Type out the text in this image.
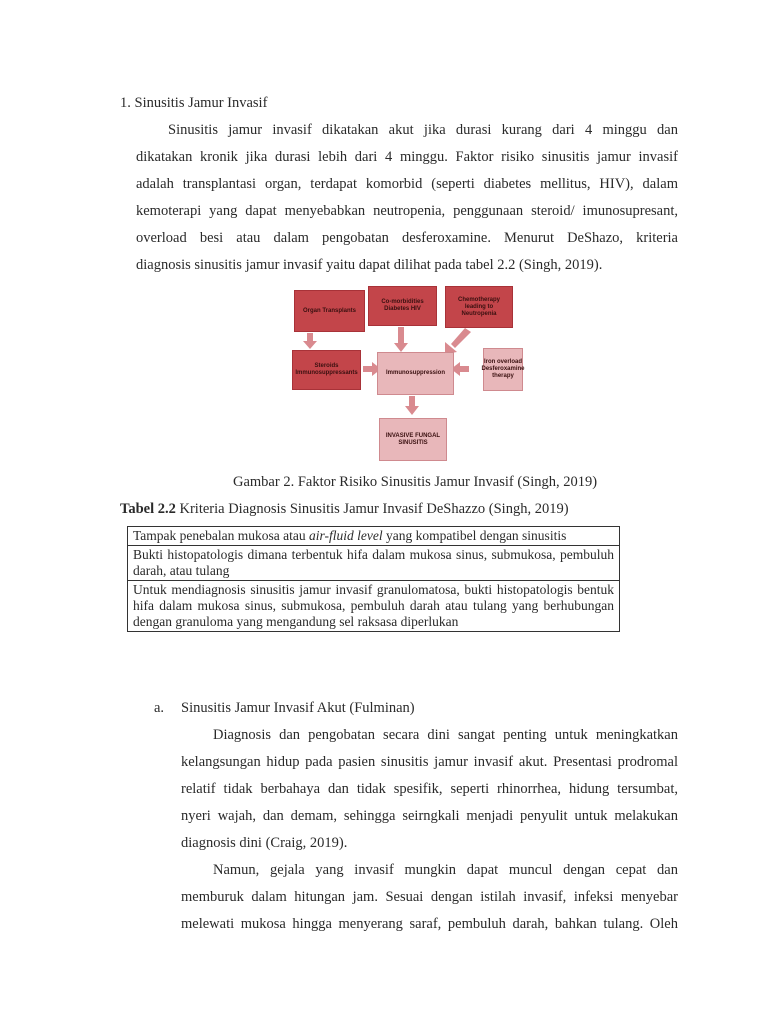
1. Sinusitis Jamur Invasif
Sinusitis jamur invasif dikatakan akut jika durasi kurang dari 4 minggu dan
dikatakan kronik jika durasi lebih dari 4 minggu. Faktor risiko sinusitis jamur invasif
adalah transplantasi organ, terdapat komorbid (seperti diabetes mellitus, HIV), dalam
kemoterapi yang dapat menyebabkan neutropenia, penggunaan steroid/ imunosupresant,
overload besi atau dalam pengobatan desferoxamine. Menurut DeShazo, kriteria
diagnosis sinusitis jamur invasif yaitu dapat dilihat pada tabel 2.2 (Singh, 2019).
Organ Transplants
Co-morbidities Diabetes HIV
Chemotherapy leading to Neutropenia
Steroids Immunosuppressants	Immunosuppression
Iron overload Desferoxamine therapy
INVASIVE FUNGAL SINUSITIS
Gambar 2. Faktor Risiko Sinusitis Jamur Invasif (Singh, 2019)
Tabel 2.2 Kriteria Diagnosis Sinusitis Jamur Invasif DeShazzo (Singh, 2019)
Tampak penebalan mukosa atau air-fluid level yang kompatibel dengan sinusitis
Bukti histopatologis dimana terbentuk hifa dalam mukosa sinus, submukosa, pembuluh darah, atau tulang
Untuk mendiagnosis sinusitis jamur invasif granulomatosa, bukti histopatologis bentuk hifa dalam mukosa sinus, submukosa, pembuluh darah atau tulang yang berhubungan dengan granuloma yang mengandung sel raksasa diperlukan
a. Sinusitis Jamur Invasif Akut (Fulminan)
Diagnosis dan pengobatan secara dini sangat penting untuk meningkatkan
kelangsungan hidup pada pasien sinusitis jamur invasif akut. Presentasi prodromal
relatif tidak berbahaya dan tidak spesifik, seperti rhinorrhea, hidung tersumbat,
nyeri wajah, dan demam, sehingga seirngkali menjadi penyulit untuk melakukan
diagnosis dini (Craig, 2019).
Namun, gejala yang invasif mungkin dapat muncul dengan cepat dan
memburuk dalam hitungan jam. Sesuai dengan istilah invasif, infeksi menyebar
melewati mukosa hingga menyerang saraf, pembuluh darah, bahkan tulang. Oleh
